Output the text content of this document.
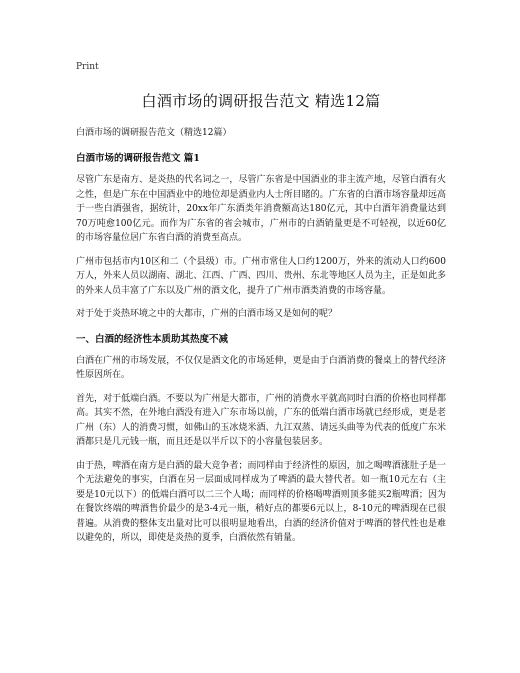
Print
白酒市场的调研报告范文 精选12篇

白酒市场的调研报告范文（精选12篇）

白酒市场的调研报告范文 篇1

尽管广东是南方、是炎热的代名词之一，尽管广东省是中国酒业的非主流产地，尽管白酒有火之性，但是广东在中国酒业中的地位却是酒业内人士所目睹的。广东省的白酒市场容量却远高于一些白酒强省，据统计，20xx年广东酒类年消费额高达180亿元，其中白酒年消费量达到70万吨愈100亿元。而作为广东省的省会城市，广州市的白酒销量更是不可轻视，以近60亿的市场容量位居广东省白酒的消费至高点。

广州市包括市内10区和二（个县级）市。广州市常住人口约1200万，外来的流动人口约600万人，外来人员以湖南、湖北、江西、广西、四川、贵州、东北等地区人员为主，正是如此多的外来人员丰富了广东以及广州的酒文化，提升了广州市酒类消费的市场容量。

对于处于炎热环境之中的大都市，广州的白酒市场又是如何的呢？

一、白酒的经济性本质助其热度不减

白酒在广州的市场发展，不仅仅是酒文化的市场延伸，更是由于白酒消费的餐桌上的替代经济性原因所在。

首先，对于低端白酒。不要以为广州是大都市，广州的消费水平就高同时白酒的价格也同样都高。其实不然，在外地白酒没有进入广东市场以前，广东的低端白酒市场就已经形成，更是老广州（东）人的消费习惯，如佛山的玉冰烧米酒、九江双蒸、请远头曲等为代表的低度广东米酒都只是几元钱一瓶，而且还是以半斤以下的小容量包装居多。

由于热，啤酒在南方是白酒的最大竞争者；而同样由于经济性的原因，加之喝啤酒涨肚子是一个无法避免的事实，白酒在另一层面成同样成为了啤酒的最大替代者。如一瓶10元左右（主要是10元以下）的低端白酒可以二三个人喝；而同样的价格喝啤酒则顶多能买2瓶啤酒；因为在餐饮终端的啤酒售价最少的是3-4元一瓶，稍好点的都要6元以上，8-10元的啤酒现在已很普遍。从消费的整体支出量对比可以很明显地看出，白酒的经济价值对于啤酒的替代性也是难以避免的，所以，即使是炎热的夏季，白酒依然有销量。
